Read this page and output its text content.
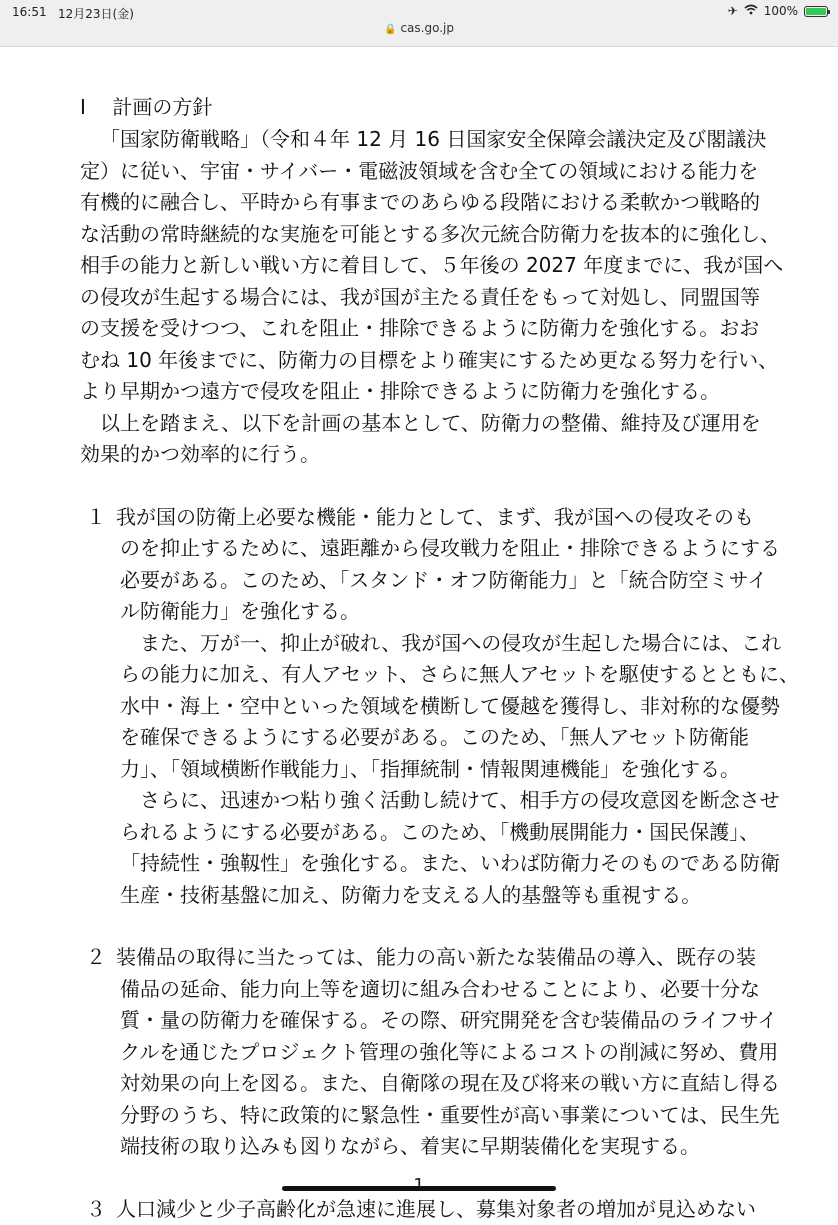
16:51 12月23日(金)	✈ 100%
🔒 cas.go.jp
Ⅰ 計画の方針
「国家防衛戦略」（令和４年 12 月 16 日国家安全保障会議決定及び閣議決
定）に従い、宇宙・サイバー・電磁波領域を含む全ての領域における能力を
有機的に融合し、平時から有事までのあらゆる段階における柔軟かつ戦略的
な活動の常時継続的な実施を可能とする多次元統合防衛力を抜本的に強化し、
相手の能力と新しい戦い方に着目して、５年後の 2027 年度までに、我が国へ
の侵攻が生起する場合には、我が国が主たる責任をもって対処し、同盟国等
の支援を受けつつ、これを阻止・排除できるように防衛力を強化する。おお
むね 10 年後までに、防衛力の目標をより確実にするため更なる努力を行い、
より早期かつ遠方で侵攻を阻止・排除できるように防衛力を強化する。
以上を踏まえ、以下を計画の基本として、防衛力の整備、維持及び運用を
効果的かつ効率的に行う。
１ 我が国の防衛上必要な機能・能力として、まず、我が国への侵攻そのも
のを抑止するために、遠距離から侵攻戦力を阻止・排除できるようにする
必要がある。このため、「スタンド・オフ防衛能力」と「統合防空ミサイ
ル防衛能力」を強化する。
また、万が一、抑止が破れ、我が国への侵攻が生起した場合には、これ
らの能力に加え、有人アセット、さらに無人アセットを駆使するとともに、
水中・海上・空中といった領域を横断して優越を獲得し、非対称的な優勢
を確保できるようにする必要がある。このため、「無人アセット防衛能
力」、「領域横断作戦能力」、「指揮統制・情報関連機能」を強化する。
さらに、迅速かつ粘り強く活動し続けて、相手方の侵攻意図を断念させ
られるようにする必要がある。このため、「機動展開能力・国民保護」、
「持続性・強靱性」を強化する。また、いわば防衛力そのものである防衛
生産・技術基盤に加え、防衛力を支える人的基盤等も重視する。
２ 装備品の取得に当たっては、能力の高い新たな装備品の導入、既存の装
備品の延命、能力向上等を適切に組み合わせることにより、必要十分な
質・量の防衛力を確保する。その際、研究開発を含む装備品のライフサイ
クルを通じたプロジェクト管理の強化等によるコストの削減に努め、費用
対効果の向上を図る。また、自衛隊の現在及び将来の戦い方に直結し得る
分野のうち、特に政策的に緊急性・重要性が高い事業については、民生先
端技術の取り込みも図りながら、着実に早期装備化を実現する。
３ 人口減少と少子高齢化が急速に進展し、募集対象者の増加が見込めない
